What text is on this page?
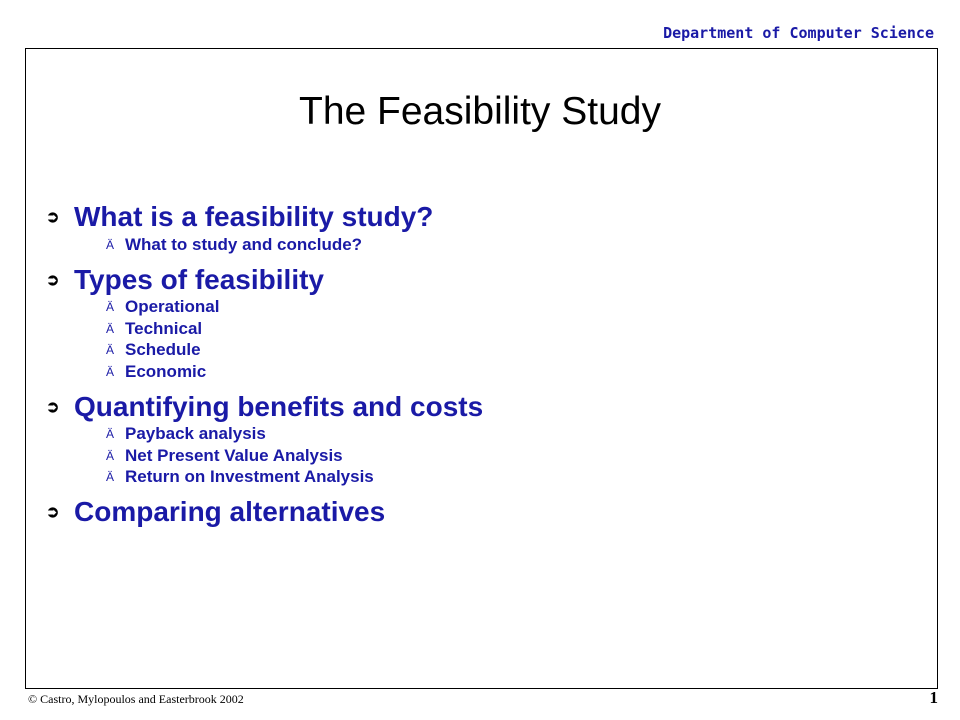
Department of Computer Science
The Feasibility Study
➲ What is a feasibility study?
Ä What to study and conclude?
➲ Types of feasibility
Ä Operational
Ä Technical
Ä Schedule
Ä Economic
➲ Quantifying benefits and costs
Ä Payback analysis
Ä Net Present Value Analysis
Ä Return on Investment Analysis
➲ Comparing alternatives
© Castro, Mylopoulos and Easterbrook 2002	1
